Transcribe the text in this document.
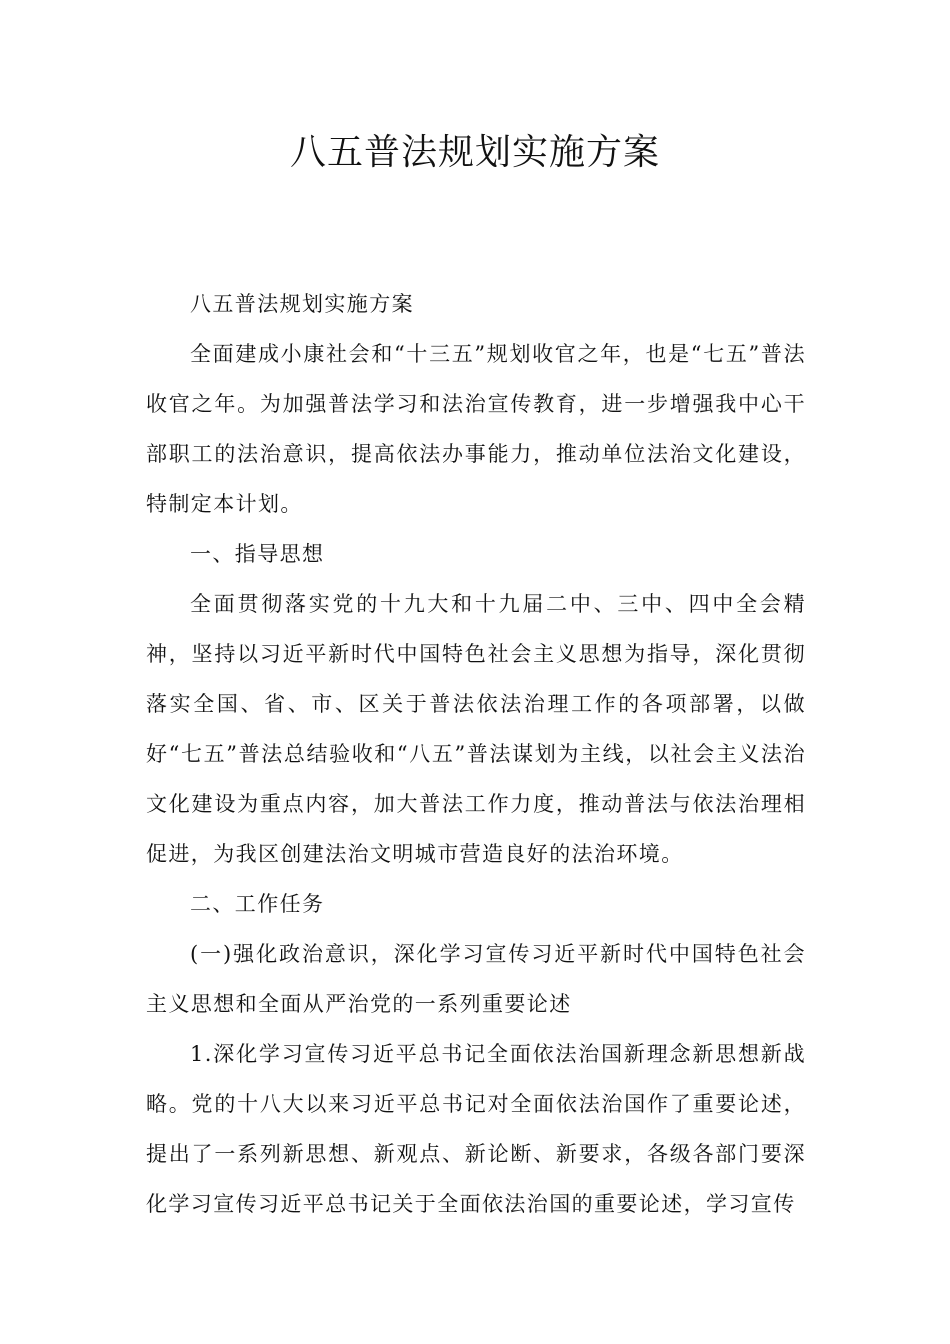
八五普法规划实施方案

八五普法规划实施方案

全面建成小康社会和“十三五”规划收官之年，也是“七五”普法收官之年。为加强普法学习和法治宣传教育，进一步增强我中心干部职工的法治意识，提高依法办事能力，推动单位法治文化建设，特制定本计划。

一、指导思想

全面贯彻落实党的十九大和十九届二中、三中、四中全会精神，坚持以习近平新时代中国特色社会主义思想为指导，深化贯彻落实全国、省、市、区关于普法依法治理工作的各项部署，以做好“七五”普法总结验收和“八五”普法谋划为主线，以社会主义法治文化建设为重点内容，加大普法工作力度，推动普法与依法治理相促进，为我区创建法治文明城市营造良好的法治环境。

二、工作任务

(一)强化政治意识，深化学习宣传习近平新时代中国特色社会主义思想和全面从严治党的一系列重要论述

1.深化学习宣传习近平总书记全面依法治国新理念新思想新战略。党的十八大以来习近平总书记对全面依法治国作了重要论述，提出了一系列新思想、新观点、新论断、新要求，各级各部门要深化学习宣传习近平总书记关于全面依法治国的重要论述，学习宣传
